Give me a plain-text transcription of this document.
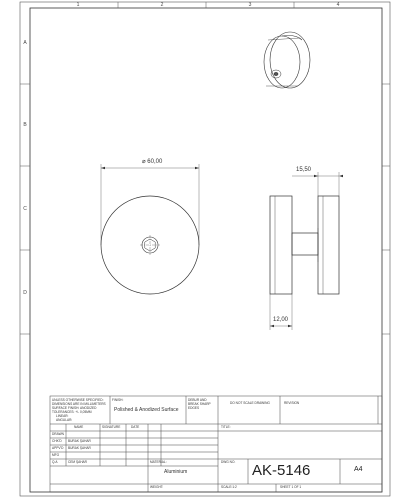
1	2	3	4
A
B
C
D
⌀ 60,00
15,50
12,00
UNLESS OTHERWISE SPECIFIED:
DIMENSIONS ARE IN MILLIMETERS
SURFACE FINISH: ANODIZED
TOLERANCES: +/- 0,05MM
LINEAR:
ANGULAR:
FINISH:
Polished & Anodized Surface
DEBUR AND BREAK SHARP EDGES
DO NOT SCALE DRAWING	REVISION
NAME	SIGNATURE	DATE	TITLE:
DRAWN
CHK'D BURAK ŞAHAR
APPV'D BURAK ŞAHAR
MFG
Q.A	CEM ŞAHAR	MATERIAL:
Aluminium
DWG NO. AK-5146	A4
WEIGHT:	SCALE:1:2	SHEET 1 OF 1
